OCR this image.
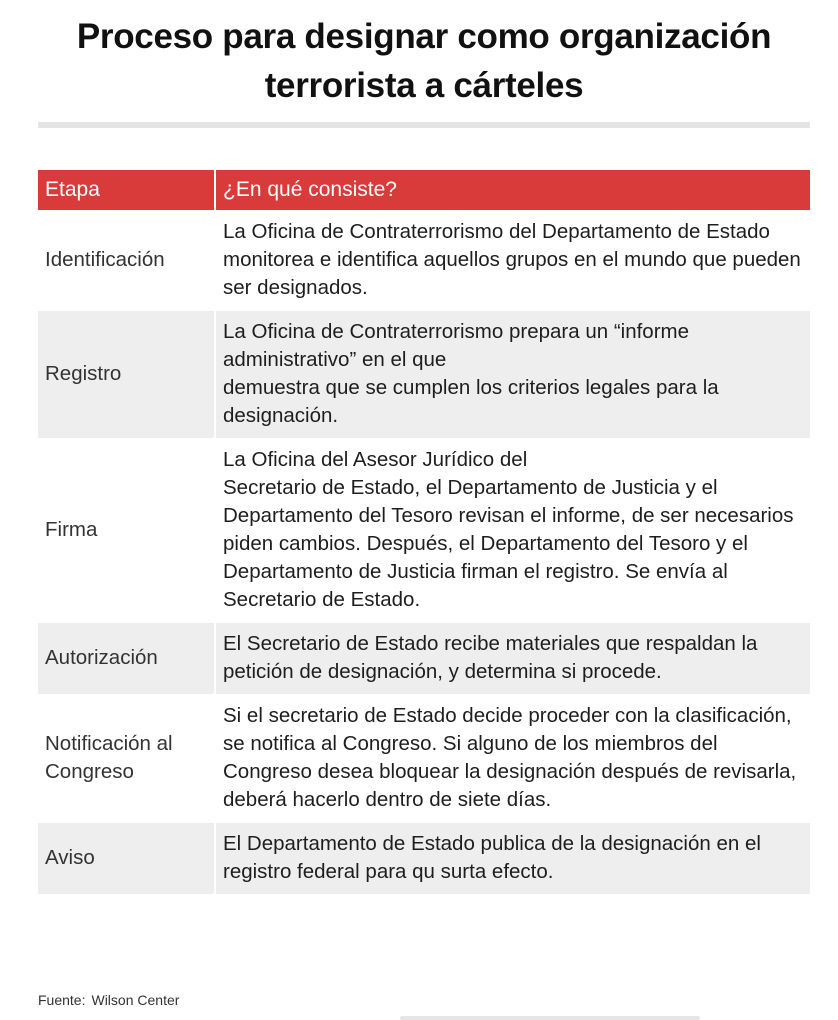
Proceso para designar como organización
terrorista a cárteles
Etapa	¿En qué consiste?
Identificación	La Oficina de Contraterrorismo del Departamento de Estado monitorea e identifica aquellos grupos en el mundo que pueden ser designados.
Registro	La Oficina de Contraterrorismo prepara un “informe administrativo” en el que
demuestra que se cumplen los criterios legales para la designación.
Firma	La Oficina del Asesor Jurídico del
Secretario de Estado, el Departamento de Justicia y el Departamento del Tesoro revisan el informe, de ser necesarios piden cambios. Después, el Departamento del Tesoro y el Departamento de Justicia firman el registro. Se envía al Secretario de Estado.
Autorización	El Secretario de Estado recibe materiales que respaldan la petición de designación, y determina si procede.
Notificación al Congreso	Si el secretario de Estado decide proceder con la clasificación, se notifica al Congreso. Si alguno de los miembros del Congreso desea bloquear la designación después de revisarla, deberá hacerlo dentro de siete días.
Aviso	El Departamento de Estado publica de la designación en el registro federal para qu surta efecto.
Fuente: Wilson Center
